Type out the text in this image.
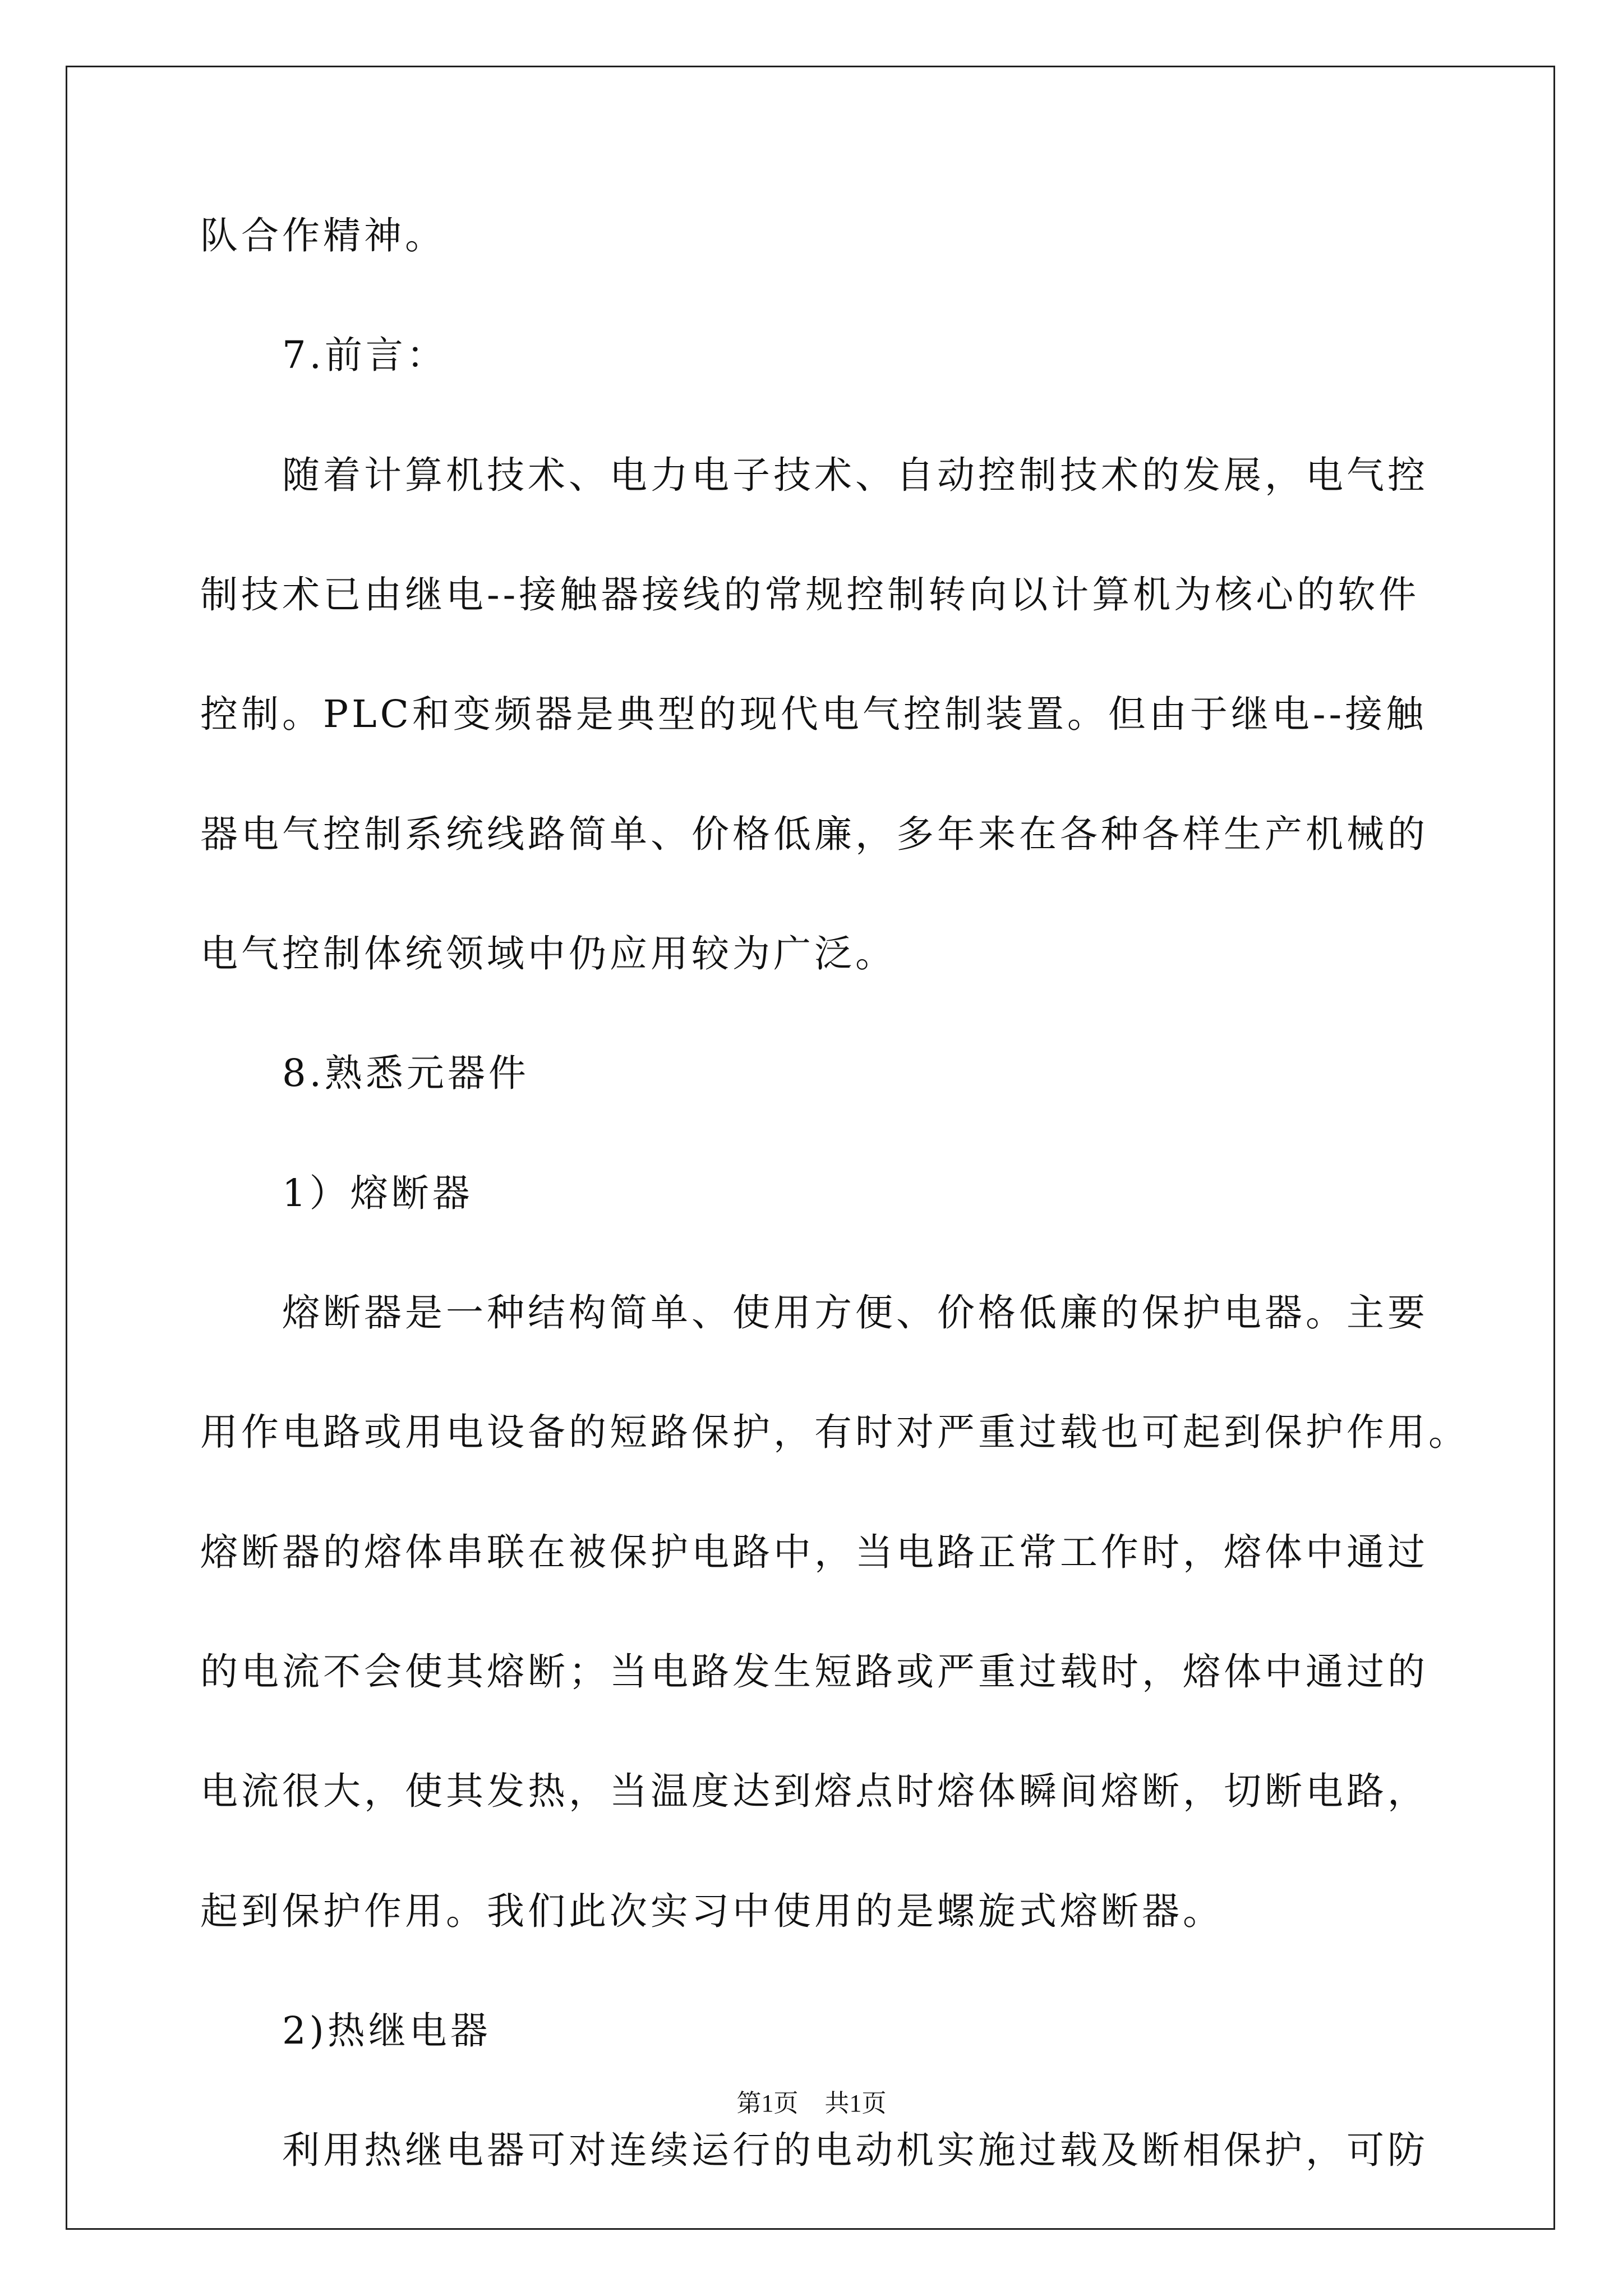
队合作精神。
7.前言：
随着计算机技术、电力电子技术、自动控制技术的发展，电气控
制技术已由继电--接触器接线的常规控制转向以计算机为核心的软件
控制。PLC和变频器是典型的现代电气控制装置。但由于继电--接触
器电气控制系统线路简单、价格低廉，多年来在各种各样生产机械的
电气控制体统领域中仍应用较为广泛。
8.熟悉元器件
1）熔断器
熔断器是一种结构简单、使用方便、价格低廉的保护电器。主要
用作电路或用电设备的短路保护，有时对严重过载也可起到保护作用。
熔断器的熔体串联在被保护电路中，当电路正常工作时，熔体中通过
的电流不会使其熔断；当电路发生短路或严重过载时，熔体中通过的
电流很大，使其发热，当温度达到熔点时熔体瞬间熔断，切断电路，
起到保护作用。我们此次实习中使用的是螺旋式熔断器。
2)热继电器
利用热继电器可对连续运行的电动机实施过载及断相保护，可防
第1页 共1页
